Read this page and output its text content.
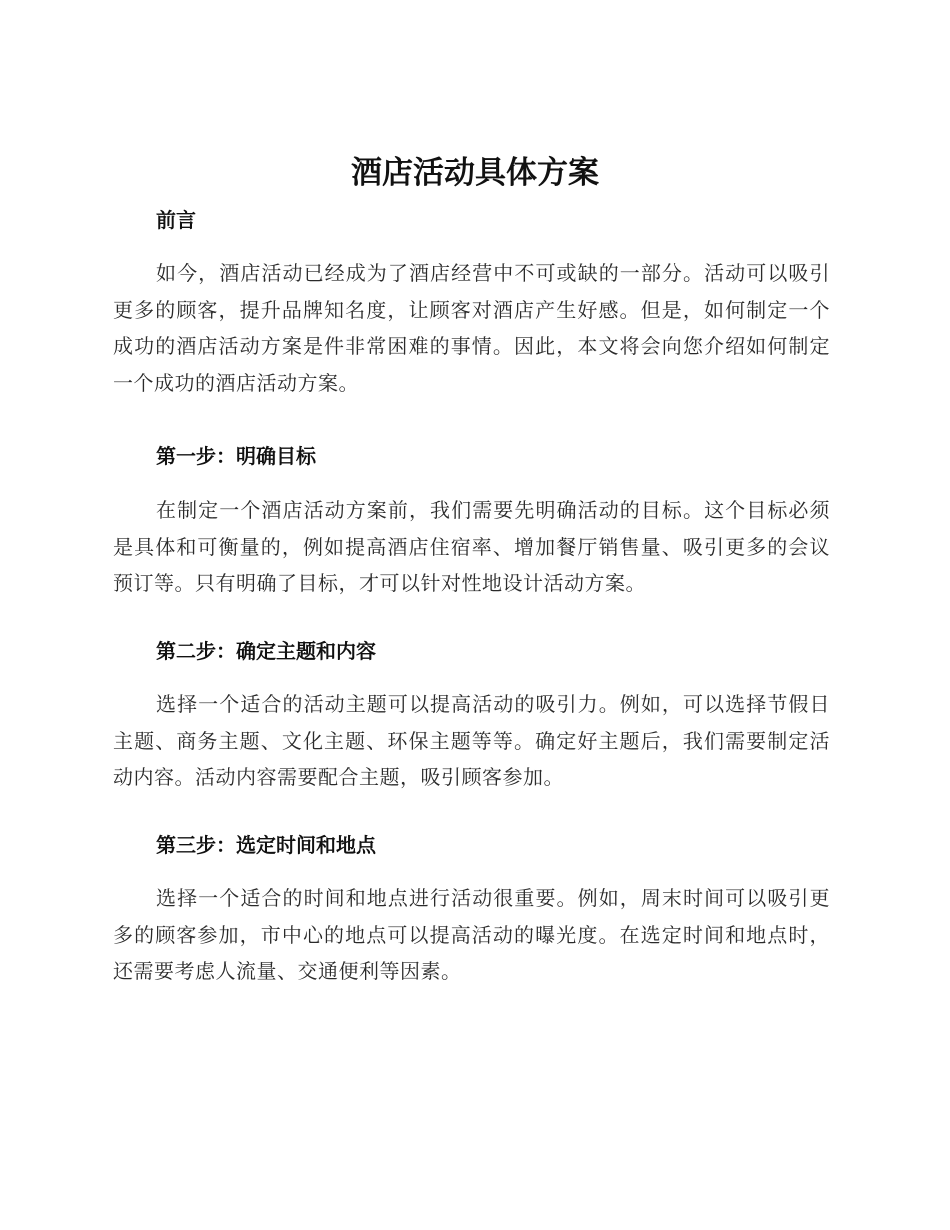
酒店活动具体方案
前言

如今，酒店活动已经成为了酒店经营中不可或缺的一部分。活动可以吸引更多的顾客，提升品牌知名度，让顾客对酒店产生好感。但是，如何制定一个成功的酒店活动方案是件非常困难的事情。因此，本文将会向您介绍如何制定一个成功的酒店活动方案。

第一步：明确目标

在制定一个酒店活动方案前，我们需要先明确活动的目标。这个目标必须是具体和可衡量的，例如提高酒店住宿率、增加餐厅销售量、吸引更多的会议预订等。只有明确了目标，才可以针对性地设计活动方案。

第二步：确定主题和内容

选择一个适合的活动主题可以提高活动的吸引力。例如，可以选择节假日主题、商务主题、文化主题、环保主题等等。确定好主题后，我们需要制定活动内容。活动内容需要配合主题，吸引顾客参加。

第三步：选定时间和地点

选择一个适合的时间和地点进行活动很重要。例如，周末时间可以吸引更多的顾客参加，市中心的地点可以提高活动的曝光度。在选定时间和地点时，还需要考虑人流量、交通便利等因素。
